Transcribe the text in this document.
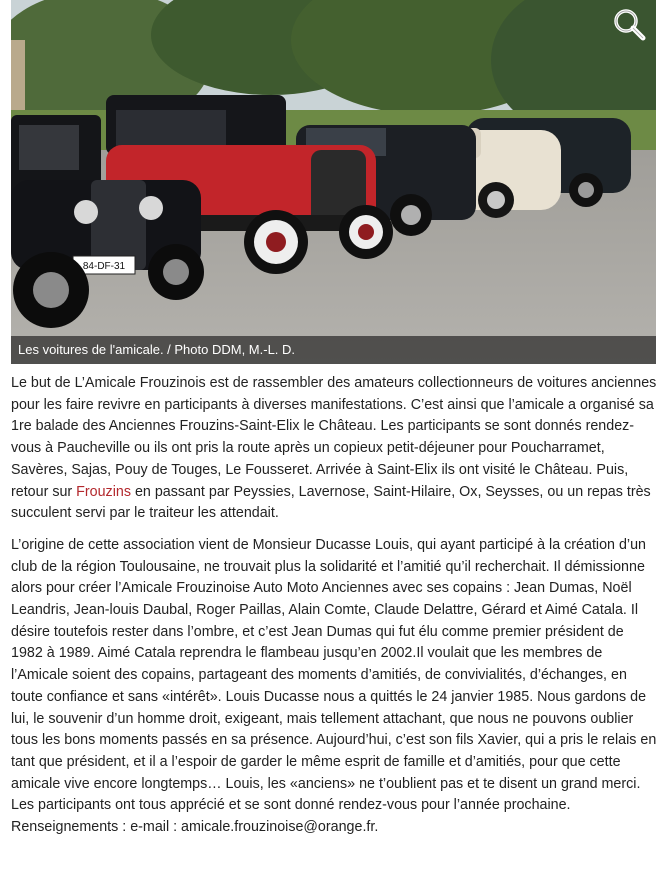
84-DF-31
Les voitures de l'amicale. / Photo DDM, M.-L. D.

Le but de L’Amicale Frouzinois est de rassembler des amateurs collectionneurs de voitures anciennes pour les faire revivre en participants à diverses manifestations. C’est ainsi que l’amicale a organisé sa 1re balade des Anciennes Frouzins-Saint-Elix le Château. Les participants se sont donnés rendez-vous à Paucheville ou ils ont pris la route après un copieux petit-déjeuner pour Poucharramet, Savères, Sajas, Pouy de Touges, Le Fousseret. Arrivée à Saint-Elix ils ont visité le Château. Puis, retour sur Frouzins en passant par Peyssies, Lavernose, Saint-Hilaire, Ox, Seysses, ou un repas très succulent servi par le traiteur les attendait.

L’origine de cette association vient de Monsieur Ducasse Louis, qui ayant participé à la création d’un club de la région Toulousaine, ne trouvait plus la solidarité et l’amitié qu’il recherchait. Il démissionne alors pour créer l’Amicale Frouzinoise Auto Moto Anciennes avec ses copains : Jean Dumas, Noël Leandris, Jean-louis Daubal, Roger Paillas, Alain Comte, Claude Delattre, Gérard et Aimé Catala. Il désire toutefois rester dans l’ombre, et c’est Jean Dumas qui fut élu comme premier président de 1982 à 1989. Aimé Catala reprendra le flambeau jusqu’en 2002.Il voulait que les membres de l’Amicale soient des copains, partageant des moments d’amitiés, de convivialités, d’échanges, en toute confiance et sans «intérêt». Louis Ducasse nous a quittés le 24 janvier 1985. Nous gardons de lui, le souvenir d’un homme droit, exigeant, mais tellement attachant, que nous ne pouvons oublier tous les bons moments passés en sa présence. Aujourd’hui, c’est son fils Xavier, qui a pris le relais en tant que président, et il a l’espoir de garder le même esprit de famille et d’amitiés, pour que cette amicale vive encore longtemps… Louis, les «anciens» ne t’oublient pas et te disent un grand merci. Les participants ont tous apprécié et se sont donné rendez-vous pour l’année prochaine. Renseignements : e-mail : amicale.frouzinoise@orange.fr.
